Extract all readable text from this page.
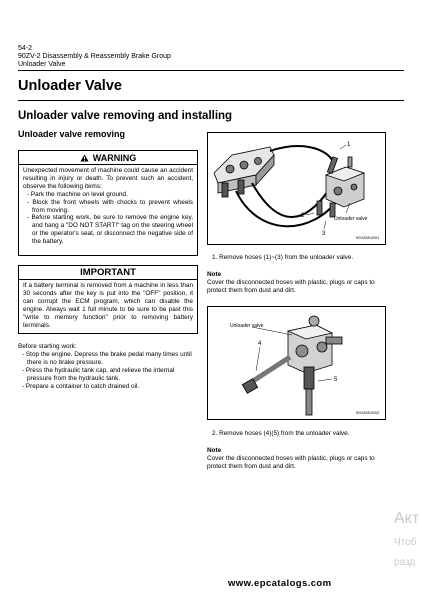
54-2
90ZV-2 Disassembly & Reassembly Brake Group
Unloader Valve
Unloader Valve
Unloader valve removing and installing
Unloader valve removing
WARNING
Unexpected movement of machine could cause an accident resulting in injury or death. To prevent such an accident, observe the following items:
- Park the machine on level ground.
- Block the front wheels with chocks to prevent wheels from moving.
- Before starting work, be sure to remove the engine key, and hang a "DO NOT START!" tag on the steering wheel or the operator's seat, or disconnect the negative side of the battery.
IMPORTANT
If a battery terminal is removed from a machine in less than 30 seconds after the key is put into the "OFF" position, it can corrupt the ECM program, which can disable the engine. Always wait 1 full minute to be sure to be past this "write to memory function" prior to removing battery terminals.
Before starting work:
- Stop the engine. Depress the brake pedal many times until there is no brake pressure.
- Press the hydraulic tank cap, and relieve the internal pressure from the hydraulic tank.
- Prepare a container to catch drained oil.
1
2
3
Unloader valve
90VZ6S4001
1. Remove hoses (1)~(3) from the unloader valve.
Note
Cover the disconnected hoses with plastic, plugs or caps to protect them from dust and dirt.
Unloader valve
4
5
90VZ6S4002
2. Remove hoses (4)(5) from the unloader valve.
Note
Cover the disconnected hoses with plastic, plugs or caps to protect them from dust and dirt.
Акт
Чтоб
разд
www.epcatalogs.com
